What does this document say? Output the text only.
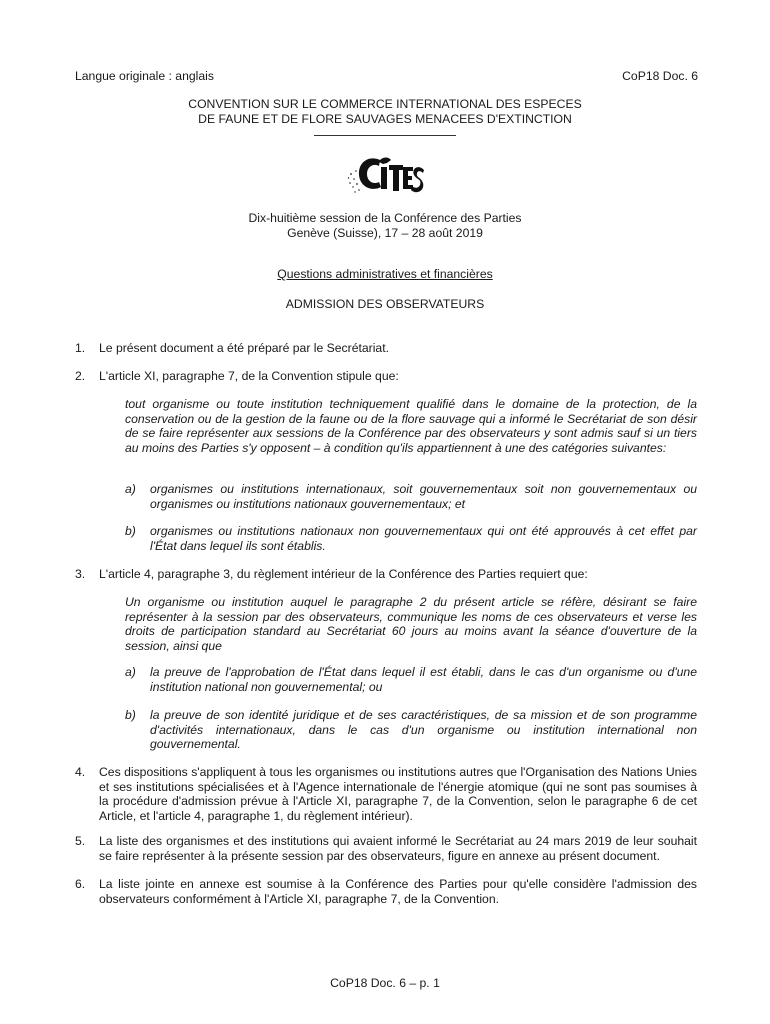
Langue originale : anglais	CoP18 Doc. 6
CONVENTION SUR LE COMMERCE INTERNATIONAL DES ESPECES
DE FAUNE ET DE FLORE SAUVAGES MENACEES D'EXTINCTION
Dix-huitième session de la Conférence des Parties
Genève (Suisse), 17 – 28 août 2019
Questions administratives et financières
ADMISSION DES OBSERVATEURS
1.	Le présent document a été préparé par le Secrétariat.
2.	L'article XI, paragraphe 7, de la Convention stipule que:
tout organisme ou toute institution techniquement qualifié dans le domaine de la protection, de la conservation ou de la gestion de la faune ou de la flore sauvage qui a informé le Secrétariat de son désir de se faire représenter aux sessions de la Conférence par des observateurs y sont admis sauf si un tiers au moins des Parties s'y opposent – à condition qu'ils appartiennent à une des catégories suivantes:
a)	organismes ou institutions internationaux, soit gouvernementaux soit non gouvernementaux ou organismes ou institutions nationaux gouvernementaux; et
b)	organismes ou institutions nationaux non gouvernementaux qui ont été approuvés à cet effet par l'État dans lequel ils sont établis.
3.	L'article 4, paragraphe 3, du règlement intérieur de la Conférence des Parties requiert que:
Un organisme ou institution auquel le paragraphe 2 du présent article se réfère, désirant se faire représenter à la session par des observateurs, communique les noms de ces observateurs et verse les droits de participation standard au Secrétariat 60 jours au moins avant la séance d'ouverture de la session, ainsi que
a)	la preuve de l'approbation de l'État dans lequel il est établi, dans le cas d'un organisme ou d'une institution national non gouvernemental; ou
b)	la preuve de son identité juridique et de ses caractéristiques, de sa mission et de son programme d'activités internationaux, dans le cas d'un organisme ou institution international non gouvernemental.
4.	Ces dispositions s'appliquent à tous les organismes ou institutions autres que l'Organisation des Nations Unies et ses institutions spécialisées et à l'Agence internationale de l'énergie atomique (qui ne sont pas soumises à la procédure d'admission prévue à l'Article XI, paragraphe 7, de la Convention, selon le paragraphe 6 de cet Article, et l'article 4, paragraphe 1, du règlement intérieur).
5.	La liste des organismes et des institutions qui avaient informé le Secrétariat au 24 mars 2019 de leur souhait se faire représenter à la présente session par des observateurs, figure en annexe au présent document.
6.	La liste jointe en annexe est soumise à la Conférence des Parties pour qu'elle considère l'admission des observateurs conformément à l'Article XI, paragraphe 7, de la Convention.
CoP18 Doc. 6 – p. 1
